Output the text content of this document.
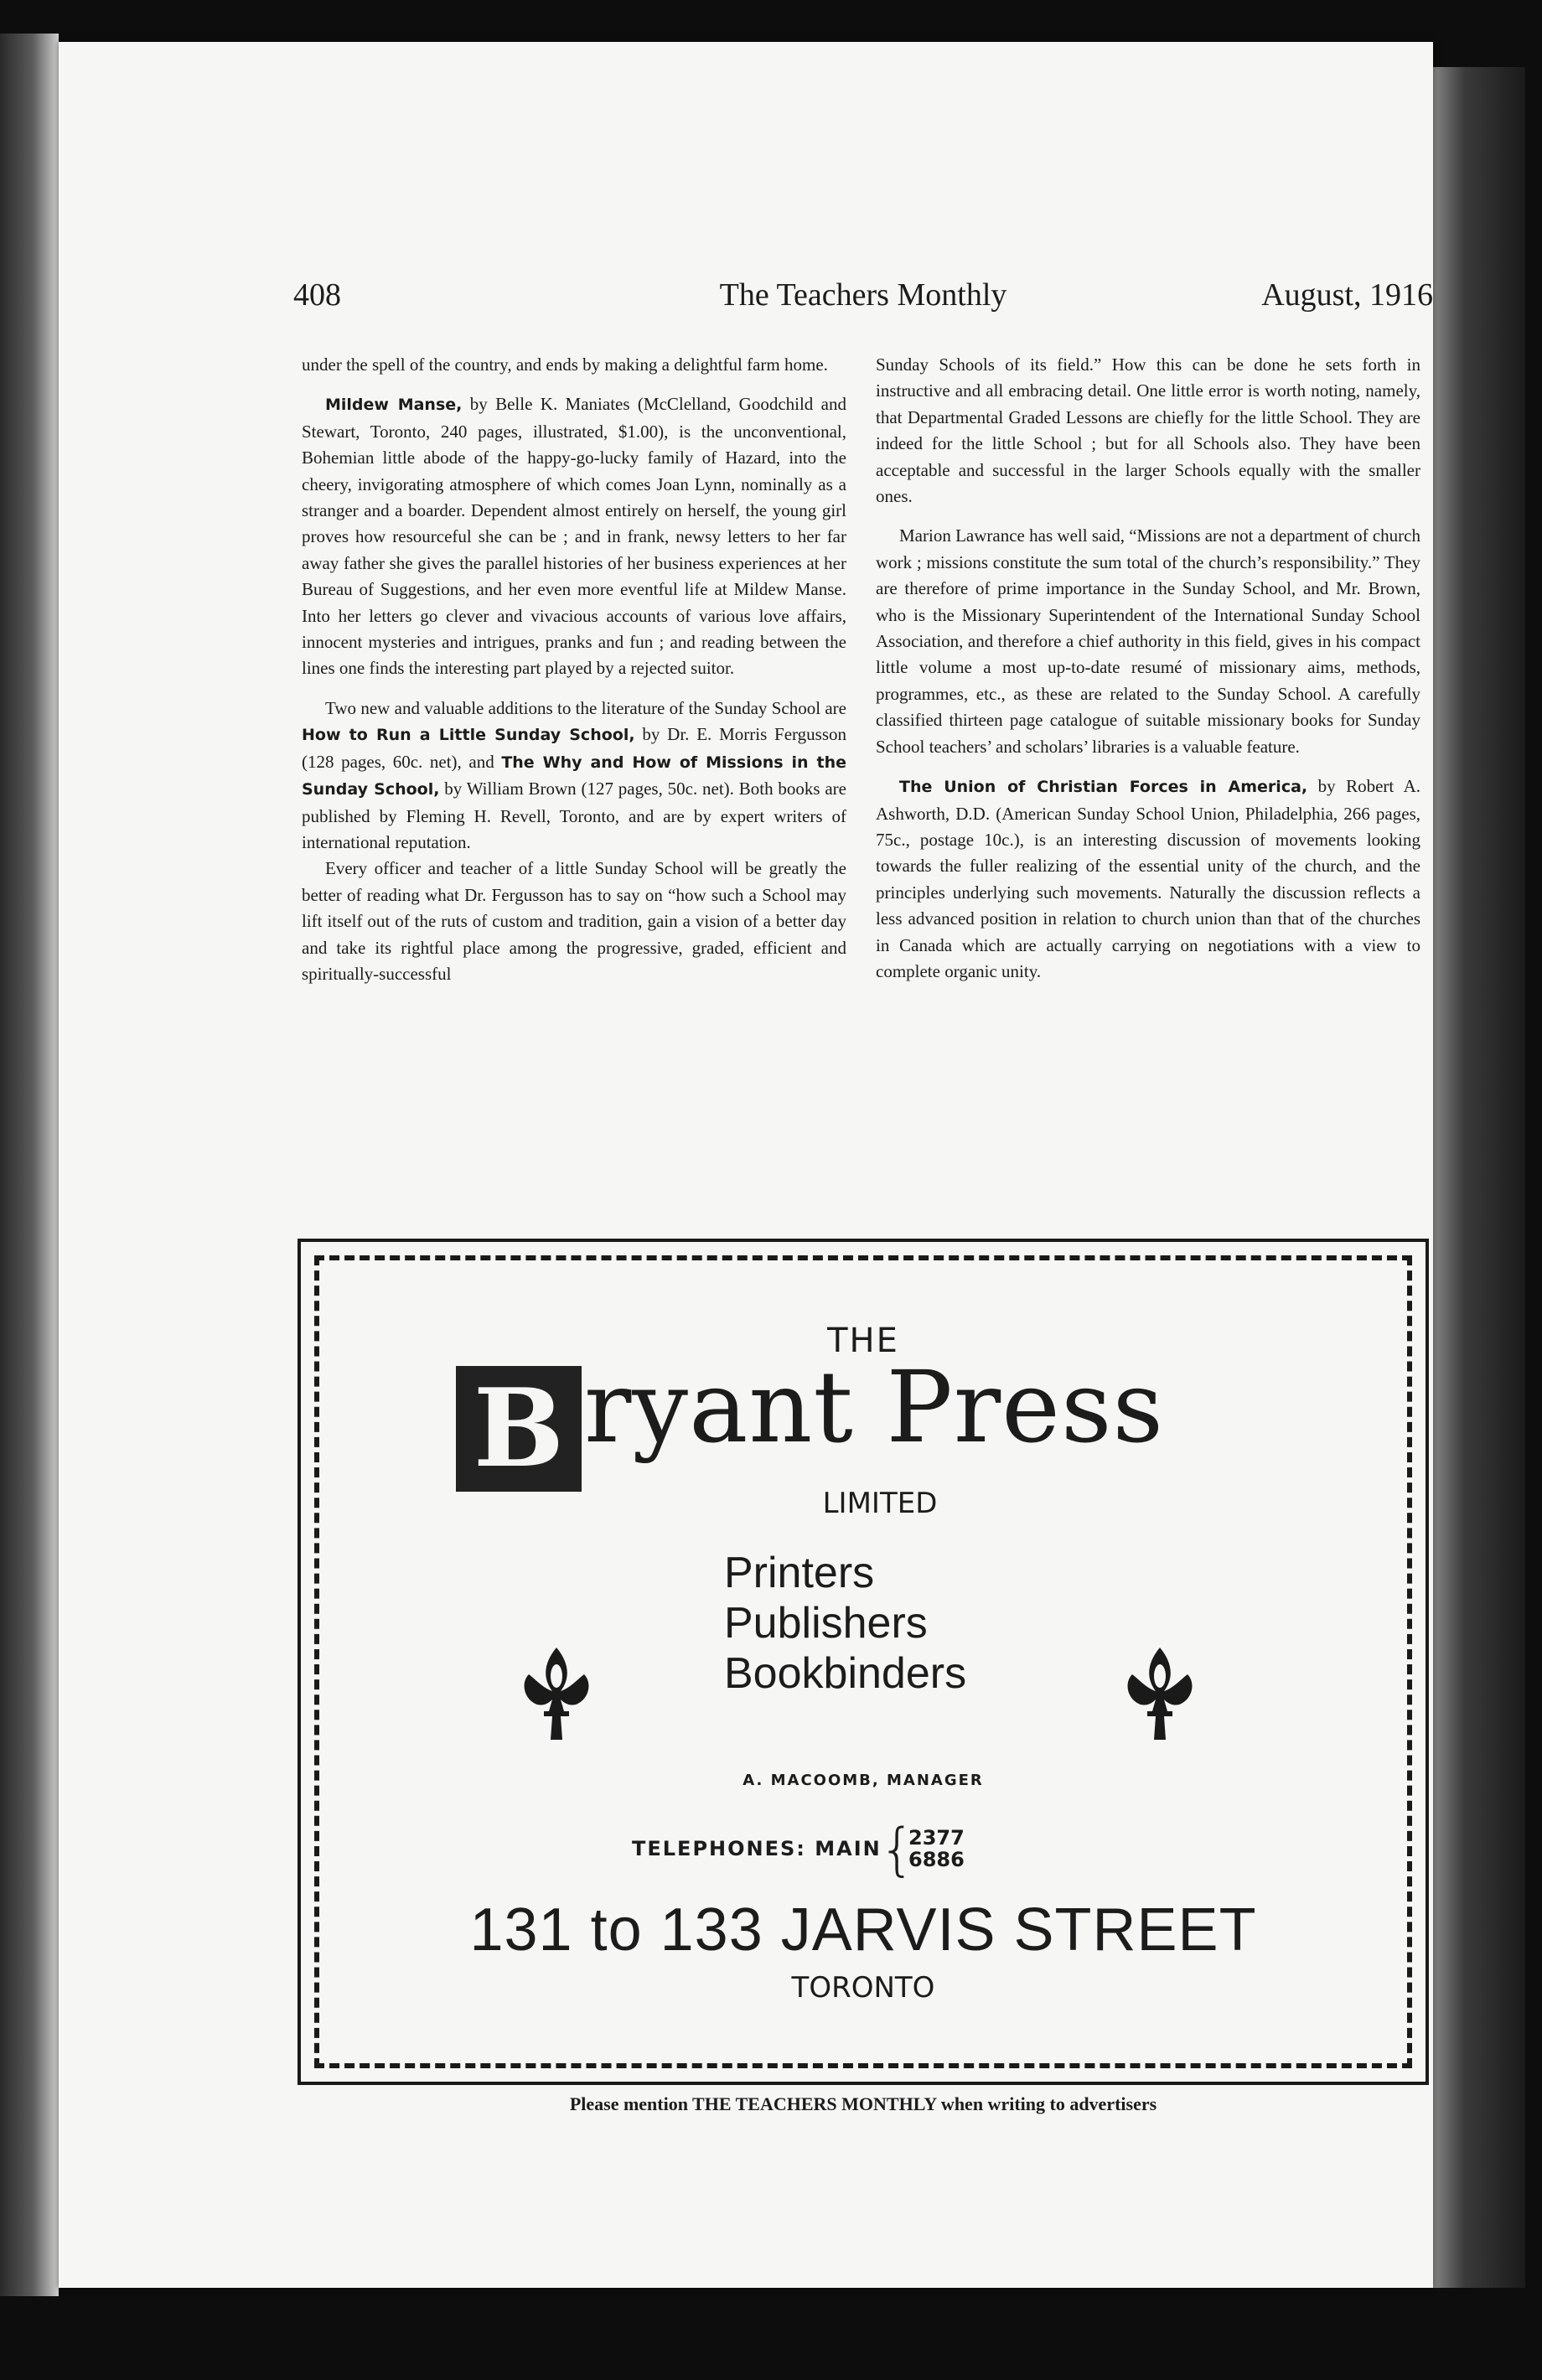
408	The Teachers Monthly	August, 1916

under the spell of the country, and ends by making a delightful farm home.

Mildew Manse, by Belle K. Maniates (McClelland, Goodchild and Stewart, Toronto, 240 pages, illustrated, $1.00), is the unconventional, Bohemian little abode of the happy-go-lucky family of Hazard, into the cheery, invigorating atmosphere of which comes Joan Lynn, nominally as a stranger and a boarder. Dependent almost entirely on herself, the young girl proves how resourceful she can be ; and in frank, newsy letters to her far away father she gives the parallel histories of her business experiences at her Bureau of Suggestions, and her even more eventful life at Mildew Manse. Into her letters go clever and vivacious accounts of various love affairs, innocent mysteries and intrigues, pranks and fun ; and reading between the lines one finds the interesting part played by a rejected suitor.

Two new and valuable additions to the literature of the Sunday School are How to Run a Little Sunday School, by Dr. E. Morris Fergusson (128 pages, 60c. net), and The Why and How of Missions in the Sunday School, by William Brown (127 pages, 50c. net). Both books are published by Fleming H. Revell, Toronto, and are by expert writers of international reputation.

Every officer and teacher of a little Sunday School will be greatly the better of reading what Dr. Fergusson has to say on “how such a School may lift itself out of the ruts of custom and tradition, gain a vision of a better day and take its rightful place among the progressive, graded, efficient and spiritually-successful

Sunday Schools of its field.” How this can be done he sets forth in instructive and all embracing detail. One little error is worth noting, namely, that Departmental Graded Lessons are chiefly for the little School. They are indeed for the little School ; but for all Schools also. They have been acceptable and successful in the larger Schools equally with the smaller ones.

Marion Lawrance has well said, “Missions are not a department of church work ; missions constitute the sum total of the church’s responsibility.” They are therefore of prime importance in the Sunday School, and Mr. Brown, who is the Missionary Superintendent of the International Sunday School Association, and therefore a chief authority in this field, gives in his compact little volume a most up-to-date resumé of missionary aims, methods, programmes, etc., as these are related to the Sunday School. A carefully classified thirteen page catalogue of suitable missionary books for Sunday School teachers’ and scholars’ libraries is a valuable feature.

The Union of Christian Forces in America, by Robert A. Ashworth, D.D. (American Sunday School Union, Philadelphia, 266 pages, 75c., postage 10c.), is an interesting discussion of movements looking towards the fuller realizing of the essential unity of the church, and the principles underlying such movements. Naturally the discussion reflects a less advanced position in relation to church union than that of the churches in Canada which are actually carrying on negotiations with a view to complete organic unity.

THE
B ryant Press
LIMITED
Printers
Publishers
Bookbinders
A. MACOOMB, MANAGER
TELEPHONES: MAIN
{
2377
6886
131 to 133 JARVIS STREET
TORONTO
Please mention THE TEACHERS MONTHLY when writing to advertisers
